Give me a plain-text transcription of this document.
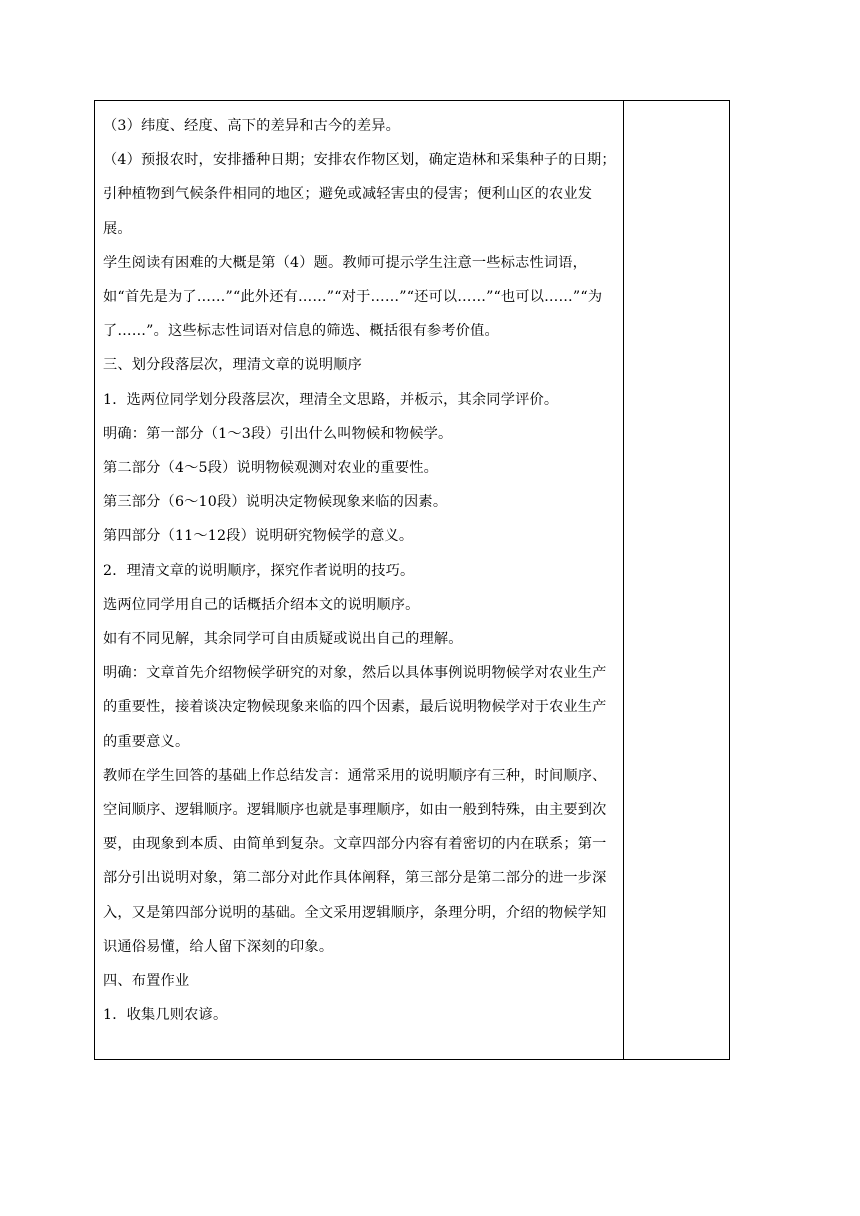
（3）纬度、经度、高下的差异和古今的差异。

（4）预报农时，安排播种日期；安排农作物区划，确定造林和采集种子的日期；引种植物到气候条件相同的地区；避免或减轻害虫的侵害；便利山区的农业发展。

学生阅读有困难的大概是第（4）题。教师可提示学生注意一些标志性词语，如“首先是为了……”“此外还有……”“对于……”“还可以……”“也可以……”“为了……”。这些标志性词语对信息的筛选、概括很有参考价值。

三、划分段落层次，理清文章的说明顺序

1．选两位同学划分段落层次，理清全文思路，并板示，其余同学评价。

明确：第一部分（1～3段）引出什么叫物候和物候学。

第二部分（4～5段）说明物候观测对农业的重要性。

第三部分（6～10段）说明决定物候现象来临的因素。

第四部分（11～12段）说明研究物候学的意义。

2．理清文章的说明顺序，探究作者说明的技巧。

选两位同学用自己的话概括介绍本文的说明顺序。

如有不同见解，其余同学可自由质疑或说出自己的理解。

明确：文章首先介绍物候学研究的对象，然后以具体事例说明物候学对农业生产的重要性，接着谈决定物候现象来临的四个因素，最后说明物候学对于农业生产的重要意义。

教师在学生回答的基础上作总结发言：通常采用的说明顺序有三种，时间顺序、空间顺序、逻辑顺序。逻辑顺序也就是事理顺序，如由一般到特殊，由主要到次要，由现象到本质、由简单到复杂。文章四部分内容有着密切的内在联系；第一部分引出说明对象，第二部分对此作具体阐释，第三部分是第二部分的进一步深入，又是第四部分说明的基础。全文采用逻辑顺序，条理分明，介绍的物候学知识通俗易懂，给人留下深刻的印象。

四、布置作业

1．收集几则农谚。
